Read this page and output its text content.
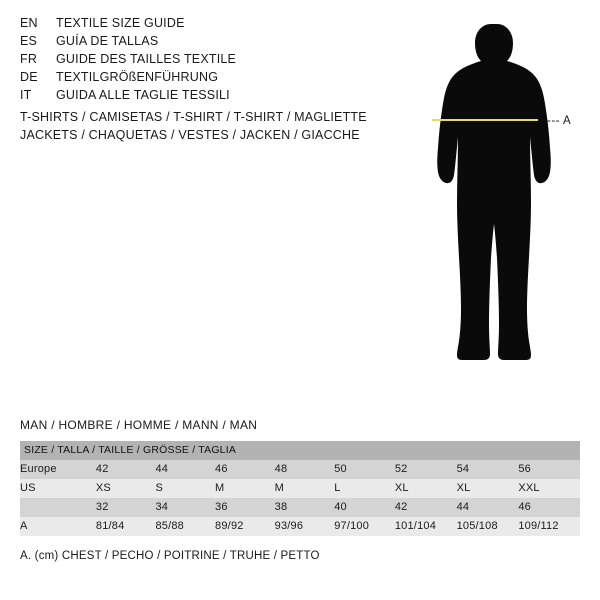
EN	TEXTILE SIZE GUIDE
ES	GUÍA DE TALLAS
FR	GUIDE DES TAILLES TEXTILE
DE	TEXTILGRÖßENFÜHRUNG
IT	GUIDA ALLE TAGLIE TESSILI
T-SHIRTS / CAMISETAS / T-SHIRT / T-SHIRT / MAGLIETTE
JACKETS / CHAQUETAS / VESTES / JACKEN / GIACCHE
--- A
MAN / HOMBRE / HOMME / MANN / MAN
SIZE / TALLA / TAILLE / GRÖSSE / TAGLIA								
Europe	42	44	46	48	50	52	54	56
US	XS	S	M	M	L	XL	XL	XXL
	32	34	36	38	40	42	44	46
A	81/84	85/88	89/92	93/96	97/100	101/104	105/108	109/112
A. (cm) CHEST / PECHO / POITRINE / TRUHE / PETTO
